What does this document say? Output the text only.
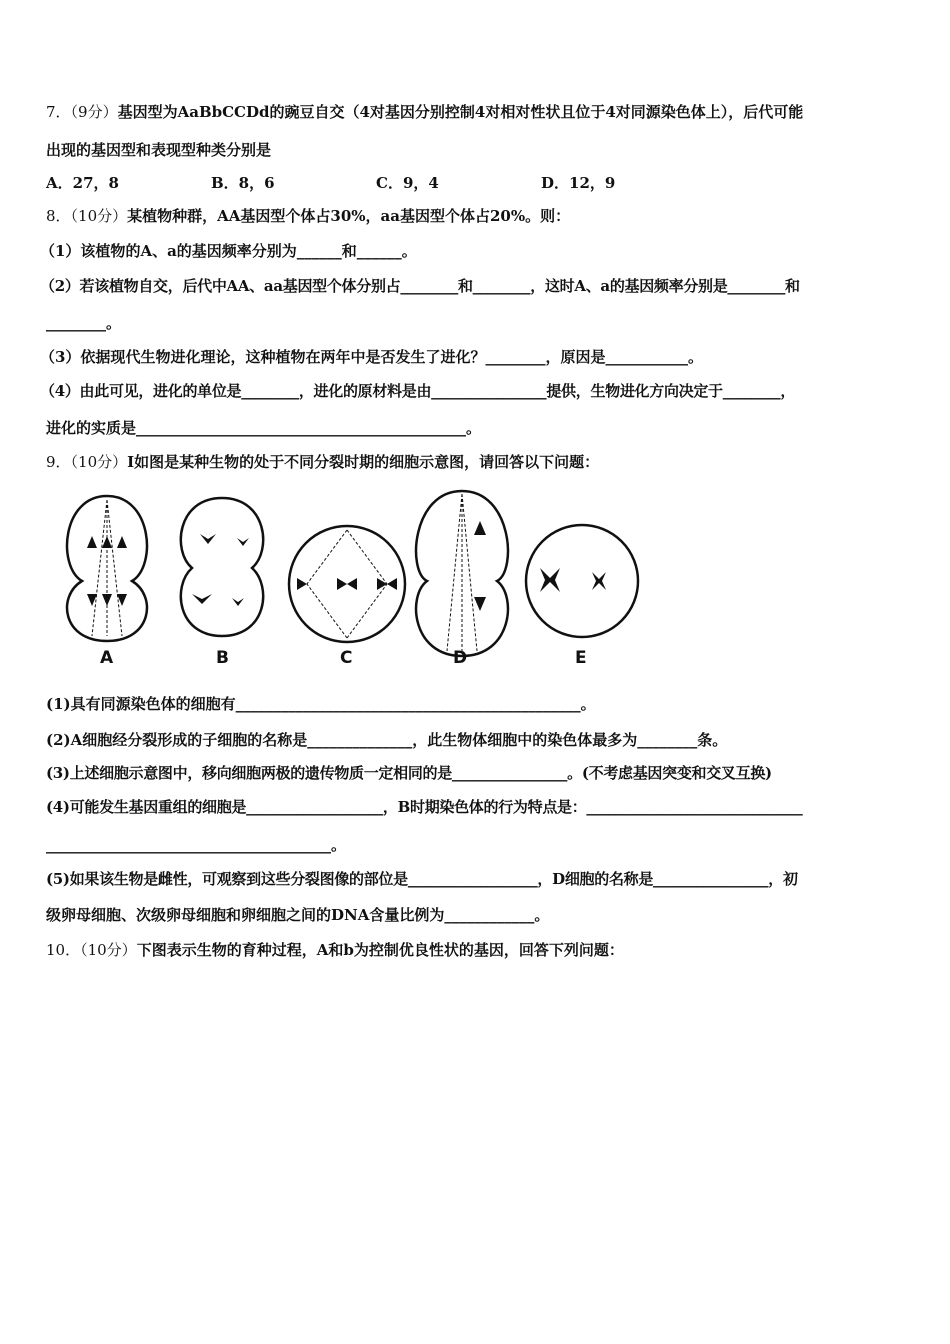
7．（9分）基因型为AaBbCCDd的豌豆自交（4对基因分别控制4对相对性状且位于4对同源染色体上），后代可能
出现的基因型和表现型种类分别是
A．27，8	B．8，6	C．9，4	D．12，9
8．（10分）某植物种群，AA基因型个体占30%，aa基因型个体占20%。则：
（1）该植物的A、a的基因频率分别为______和______。
（2）若该植物自交，后代中AA、aa基因型个体分别占________和________，这时A、a的基因频率分别是________和
________。
（3）依据现代生物进化理论，这种植物在两年中是否发生了进化？________，原因是___________。
（4）由此可见，进化的单位是________，进化的原材料是由________________提供，生物进化方向决定于________，
进化的实质是____________________________________________。
9．（10分）I如图是某种生物的处于不同分裂时期的细胞示意图，请回答以下问题：
A	B	C	D	E
(1)具有同源染色体的细胞有______________________________________________。
(2)A细胞经分裂形成的子细胞的名称是______________，此生物体细胞中的染色体最多为________条。
(3)上述细胞示意图中，移向细胞两极的遗传物质一定相同的是________________。(不考虑基因突变和交叉互换)
(4)可能发生基因重组的细胞是___________________，B时期染色体的行为特点是：______________________________
______________________________________。
(5)如果该生物是雌性，可观察到这些分裂图像的部位是__________________，D细胞的名称是________________，初
级卵母细胞、次级卵母细胞和卵细胞之间的DNA含量比例为____________。
10．（10分）下图表示生物的育种过程，A和b为控制优良性状的基因，回答下列问题：
